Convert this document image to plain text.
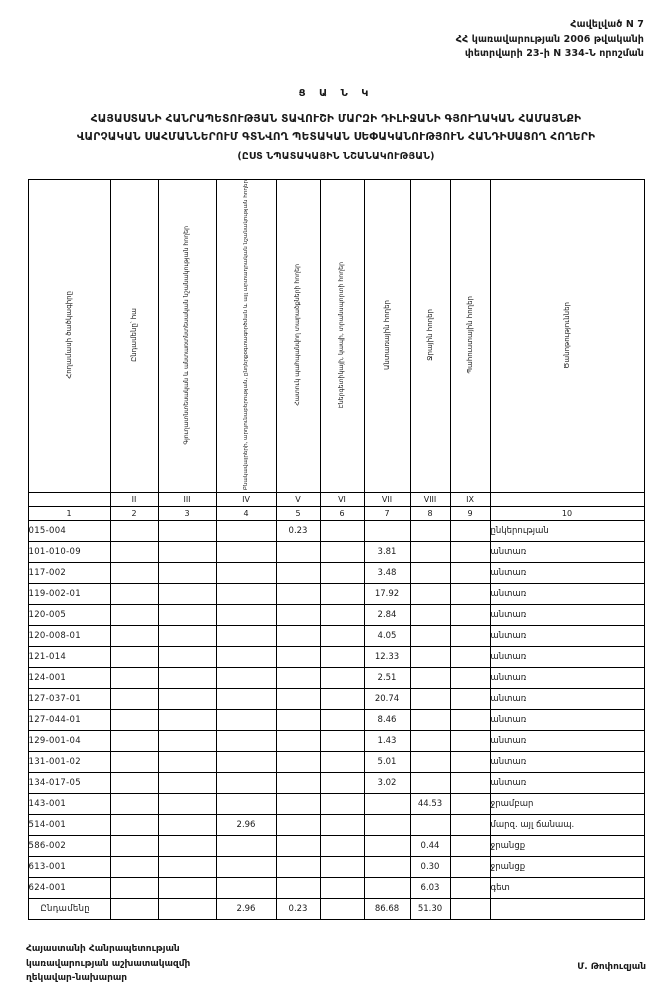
Հավելված N 7
ՀՀ կառավարության 2006 թվականի
փետրվարի 23-ի N 334-Ն որոշման
Ց Ա Ն Կ
ՀԱՅԱՍՏԱՆԻ ՀԱՆՐԱՊԵՏՈՒԹՅԱՆ ՏԱՎՈՒՇԻ ՄԱՐԶԻ ԴԻԼԻՋԱՆԻ ԳՅՈՒՂԱԿԱՆ ՀԱՄԱՅՆՔԻ
ՎԱՐՉԱԿԱՆ ՍԱՀՄԱՆՆԵՐՈՒՄ ԳՏՆՎՈՂ ՊԵՏԱԿԱՆ ՍԵՓԱԿԱՆՈՒԹՅՈՒՆ ՀԱՆԴԻՍԱՑՈՂ ՀՈՂԵՐԻ
(ԸՍՏ ՆՊԱՏԱԿԱՅԻՆ ՆՇԱՆԱԿՈՒԹՅԱՆ)
Հողամասի ծածկագիրը	Ընդամենը՝ հա	Գյուղատնտեսական և անտառտնտեսական նշանակության հողեր	Բնակավայրերի, արդյունաբերության, ընդերքօգտագործման և այլ արտադրական նշանակության հողեր	Հատուկ պահպանվող տարածքների հողեր	Էներգետիկայի, կապի, տրանսպորտի հողեր	Անտառային հողեր	Ջրային հողեր	Պահուստային հողեր	Ծանոթություններ
	II	III	IV	V	VI	VII	VIII	IX	
1	2	3	4	5	6	7	8	9	10
015-004				0.23					ընկերության
101-010-09						3.81			անտառ
117-002						3.48			անտառ
119-002-01						17.92			անտառ
120-005						2.84			անտառ
120-008-01						4.05			անտառ
121-014						12.33			անտառ
124-001						2.51			անտառ
127-037-01						20.74			անտառ
127-044-01						8.46			անտառ
129-001-04						1.43			անտառ
131-001-02						5.01			անտառ
134-017-05						3.02			անտառ
143-001							44.53		ջրամբար
514-001			2.96						մարզ. այլ ճանապ.
586-002							0.44		ջրանցք
613-001							0.30		ջրանցք
624-001							6.03		գետ
Ընդամենը			2.96	0.23		86.68	51.30		
Հայաստանի Հանրապետության
կառավարության աշխատակազմի
ղեկավար-նախարար
Մ. Թոփուզյան
